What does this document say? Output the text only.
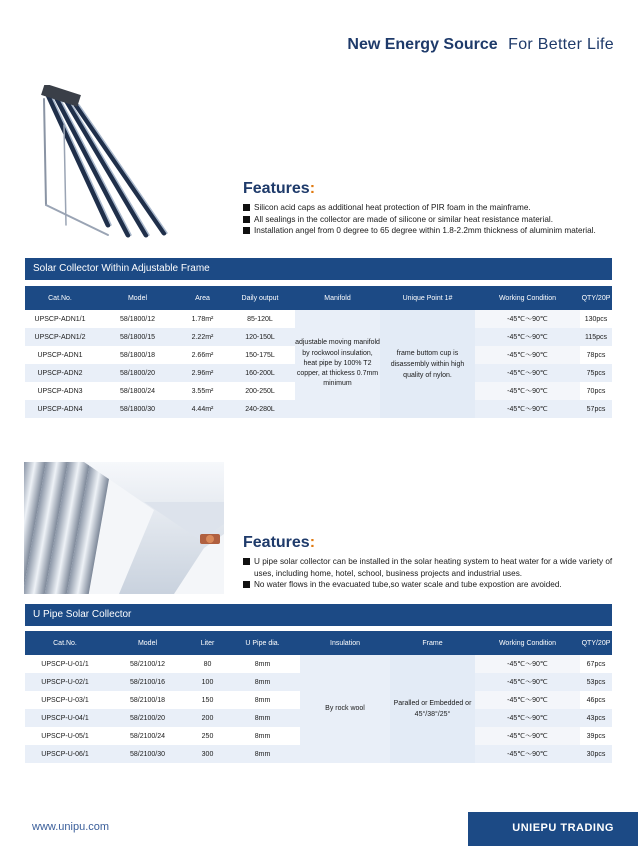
New Energy Source For Better Life
Features:
Silicon acid caps as additional heat protection of PIR foam in the mainframe.
All sealings in the collector are made of silicone or similar heat resistance material.
Installation angel from 0 degree to 65 degree within 1.8-2.2mm thickness of aluminim material.
Solar Collector Within Adjustable Frame
Cat.No.	Model	Area	Daily output	Manifold	Unique Point 1#	Working Condition	QTY/20P
UPSCP-ADN1/1	58/1800/12	1.78m²	85-120L	adjustable moving manifold by rockwool insulation, heat pipe by 100% T2 copper, at thickess 0.7mm minimum	frame buttom cup is disassembly within high quality of nylon.	-45℃～90℃	130pcs
UPSCP-ADN1/2	58/1800/15	2.22m²	120-150L			-45℃～90℃	115pcs
UPSCP-ADN1	58/1800/18	2.66m²	150-175L			-45℃～90℃	78pcs
UPSCP-ADN2	58/1800/20	2.96m²	160-200L			-45℃～90℃	75pcs
UPSCP-ADN3	58/1800/24	3.55m²	200-250L			-45℃～90℃	70pcs
UPSCP-ADN4	58/1800/30	4.44m²	240-280L			-45℃～90℃	57pcs
Features:
U pipe solar collector can be installed in the solar heating system to heat water for a wide variety of uses, including home, hotel, school, business projects and industrial uses.
No water flows in the evacuated tube,so water scale and tube expostion are avoided.
U Pipe Solar Collector
Cat.No.	Model	Liter	U Pipe dia.	Insulation	Frame	Working Condition	QTY/20P
UPSCP-U-01/1	58/2100/12	80	8mm	By rock wool	Paralled or Embedded or 45°/38°/25°	-45℃～90℃	67pcs
UPSCP-U-02/1	58/2100/16	100	8mm			-45℃～90℃	53pcs
UPSCP-U-03/1	58/2100/18	150	8mm			-45℃～90℃	46pcs
UPSCP-U-04/1	58/2100/20	200	8mm			-45℃～90℃	43pcs
UPSCP-U-05/1	58/2100/24	250	8mm			-45℃～90℃	39pcs
UPSCP-U-06/1	58/2100/30	300	8mm			-45℃～90℃	30pcs
www.unipu.com	UNIEPU TRADING
